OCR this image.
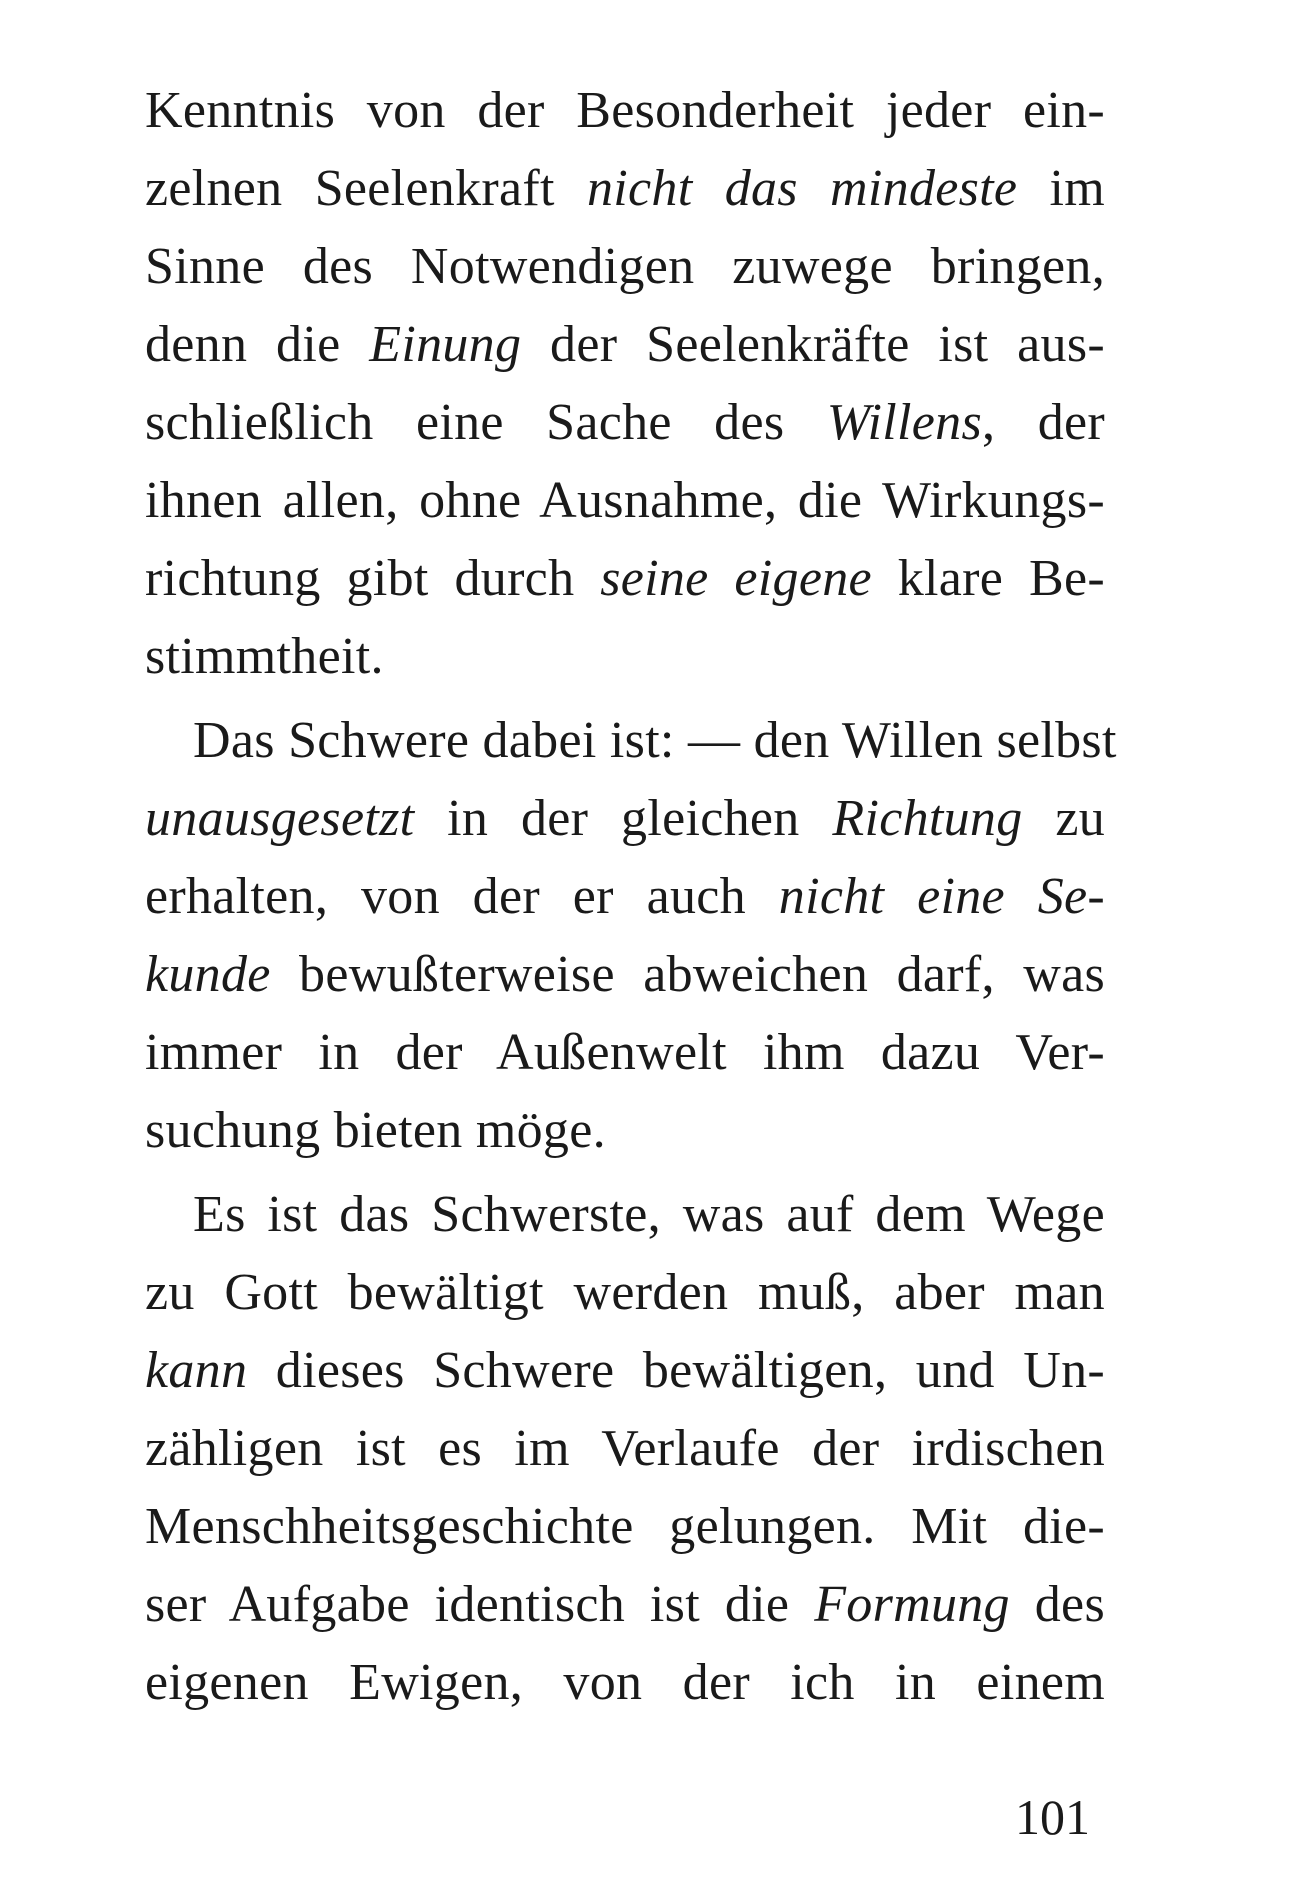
Kenntnis von der Besonderheit jeder ein-
zelnen Seelenkraft nicht das mindeste im
Sinne des Notwendigen zuwege bringen,
denn die Einung der Seelenkräfte ist aus-
schließlich eine Sache des Willens, der
ihnen allen, ohne Ausnahme, die Wirkungs-
richtung gibt durch seine eigene klare Be-
stimmtheit.
Das Schwere dabei ist: — den Willen selbst
unausgesetzt in der gleichen Richtung zu
erhalten, von der er auch nicht eine Se-
kunde bewußterweise abweichen darf, was
immer in der Außenwelt ihm dazu Ver-
suchung bieten möge.
Es ist das Schwerste, was auf dem Wege
zu Gott bewältigt werden muß, aber man
kann dieses Schwere bewältigen, und Un-
zähligen ist es im Verlaufe der irdischen
Menschheitsgeschichte gelungen. Mit die-
ser Aufgabe identisch ist die Formung des
eigenen Ewigen, von der ich in einem
101
